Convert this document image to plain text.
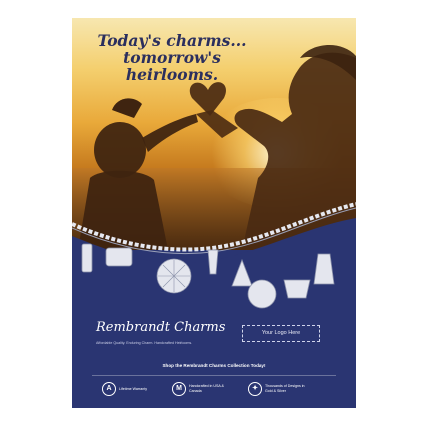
Today's charms...
tomorrow's
heirlooms.
Rembrandt Charms
Affordable Quality. Enduring Charm. Handcrafted Heirlooms.
Your Logo Here
Shop the Rembrandt Charms Collection Today!
A	Lifetime Warranty	M	Handcrafted in USA & Canada	✦	Thousands of Designs in Gold & Silver
